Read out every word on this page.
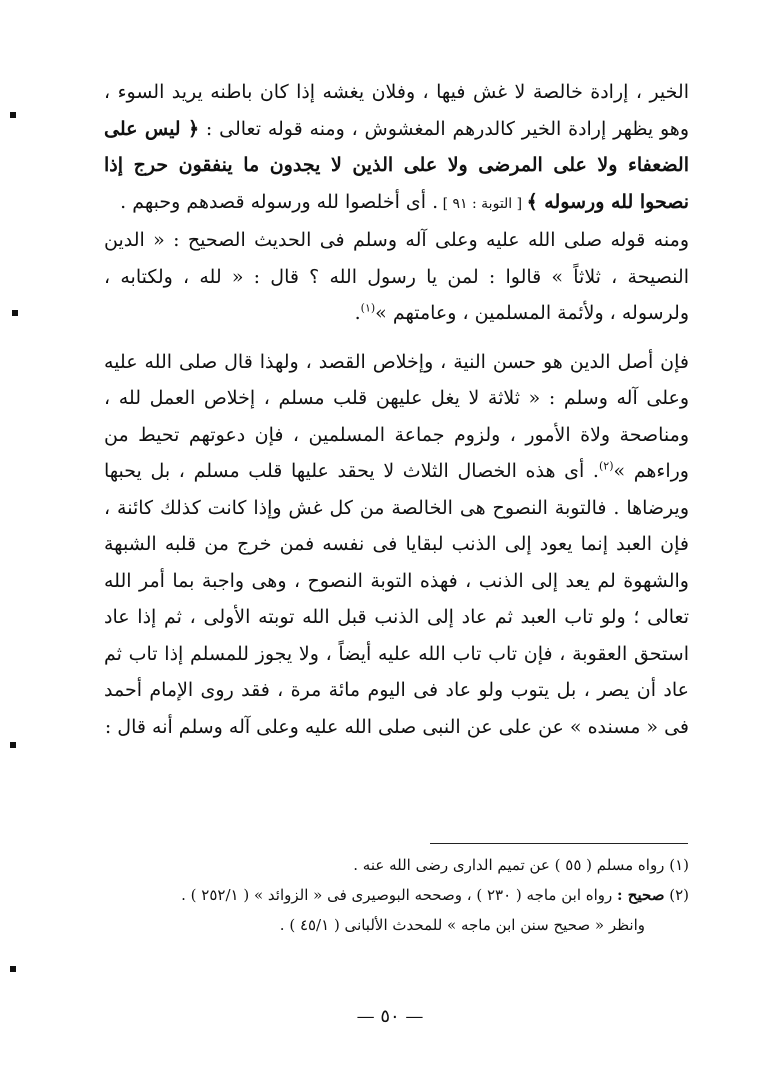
الخير ، إرادة خالصة لا غش فيها ، وفلان يغشه إذا كان باطنه يريد السوء ، وهو يظهر إرادة الخير كالدرهم المغشوش ، ومنه قوله تعالى : ﴿ ليس على الضعفاء ولا على المرضى ولا على الذين لا يجدون ما ينفقون حرج إذا نصحوا لله ورسوله ﴾ [ التوبة : ٩١ ] . أى أخلصوا لله ورسوله قصدهم وحبهم .

ومنه قوله صلى الله عليه وعلى آله وسلم فى الحديث الصحيح : « الدين النصيحة ، ثلاثاً » قالوا : لمن يا رسول الله ؟ قال : « لله ، ولكتابه ، ولرسوله ، ولأئمة المسلمين ، وعامتهم »$^{(١)}$.

فإن أصل الدين هو حسن النية ، وإخلاص القصد ، ولهذا قال صلى الله عليه وعلى آله وسلم : « ثلاثة لا يغل عليهن قلب مسلم ، إخلاص العمل لله ، ومناصحة ولاة الأمور ، ولزوم جماعة المسلمين ، فإن دعوتهم تحيط من وراءهم »$^{(٢)}$. أى هذه الخصال الثلاث لا يحقد عليها قلب مسلم ، بل يحبها ويرضاها . فالتوبة النصوح هى الخالصة من كل غش وإذا كانت كذلك كائنة ، فإن العبد إنما يعود إلى الذنب لبقايا فى نفسه فمن خرج من قلبه الشبهة والشهوة لم يعد إلى الذنب ، فهذه التوبة النصوح ، وهى واجبة بما أمر الله تعالى ؛ ولو تاب العبد ثم عاد إلى الذنب قبل الله توبته الأولى ، ثم إذا عاد استحق العقوبة ، فإن تاب تاب الله عليه أيضاً ، ولا يجوز للمسلم إذا تاب ثم عاد أن يصر ، بل يتوب ولو عاد فى اليوم مائة مرة ، فقد روى الإمام أحمد فى « مسنده » عن على عن النبى صلى الله عليه وعلى آله وسلم أنه قال :

(١) رواه مسلم ( ٥٥ ) عن تميم الدارى رضى الله عنه .

(٢) صحيح : رواه ابن ماجه ( ٢٣٠ ) ، وصححه البوصيرى فى « الزوائد » ( ٢٥٢/١ ) .

وانظر « صحيح سنن ابن ماجه » للمحدث الألبانى ( ٤٥/١ ) .

— ٥٠ —
